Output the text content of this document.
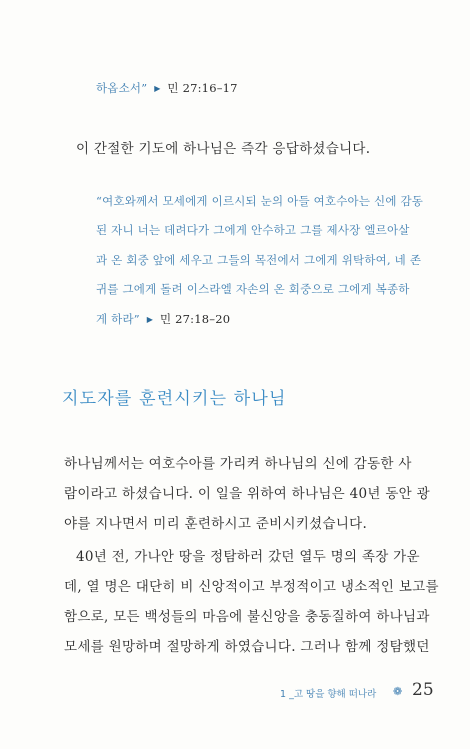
하옵소서” ▶ 민 27:16–17
이 간절한 기도에 하나님은 즉각 응답하셨습니다.
“여호와께서 모세에게 이르시되 눈의 아들 여호수아는 신에 감동
된 자니 너는 데려다가 그에게 안수하고 그를 제사장 엘르아살
과 온 회중 앞에 세우고 그들의 목전에서 그에게 위탁하여, 네 존
귀를 그에게 돌려 이스라엘 자손의 온 회중으로 그에게 복종하
게 하라” ▶ 민 27:18–20
지도자를 훈련시키는 하나님
하나님께서는 여호수아를 가리켜 하나님의 신에 감동한 사
람이라고 하셨습니다. 이 일을 위하여 하나님은 40년 동안 광
야를 지나면서 미리 훈련하시고 준비시키셨습니다.
40년 전, 가나안 땅을 정탐하러 갔던 열두 명의 족장 가운
데, 열 명은 대단히 비 신앙적이고 부정적이고 냉소적인 보고를
함으로, 모든 백성들의 마음에 불신앙을 충동질하여 하나님과
모세를 원망하며 절망하게 하였습니다. 그러나 함께 정탐했던
1 _고 땅을 향해 떠나라 ❁ 25
